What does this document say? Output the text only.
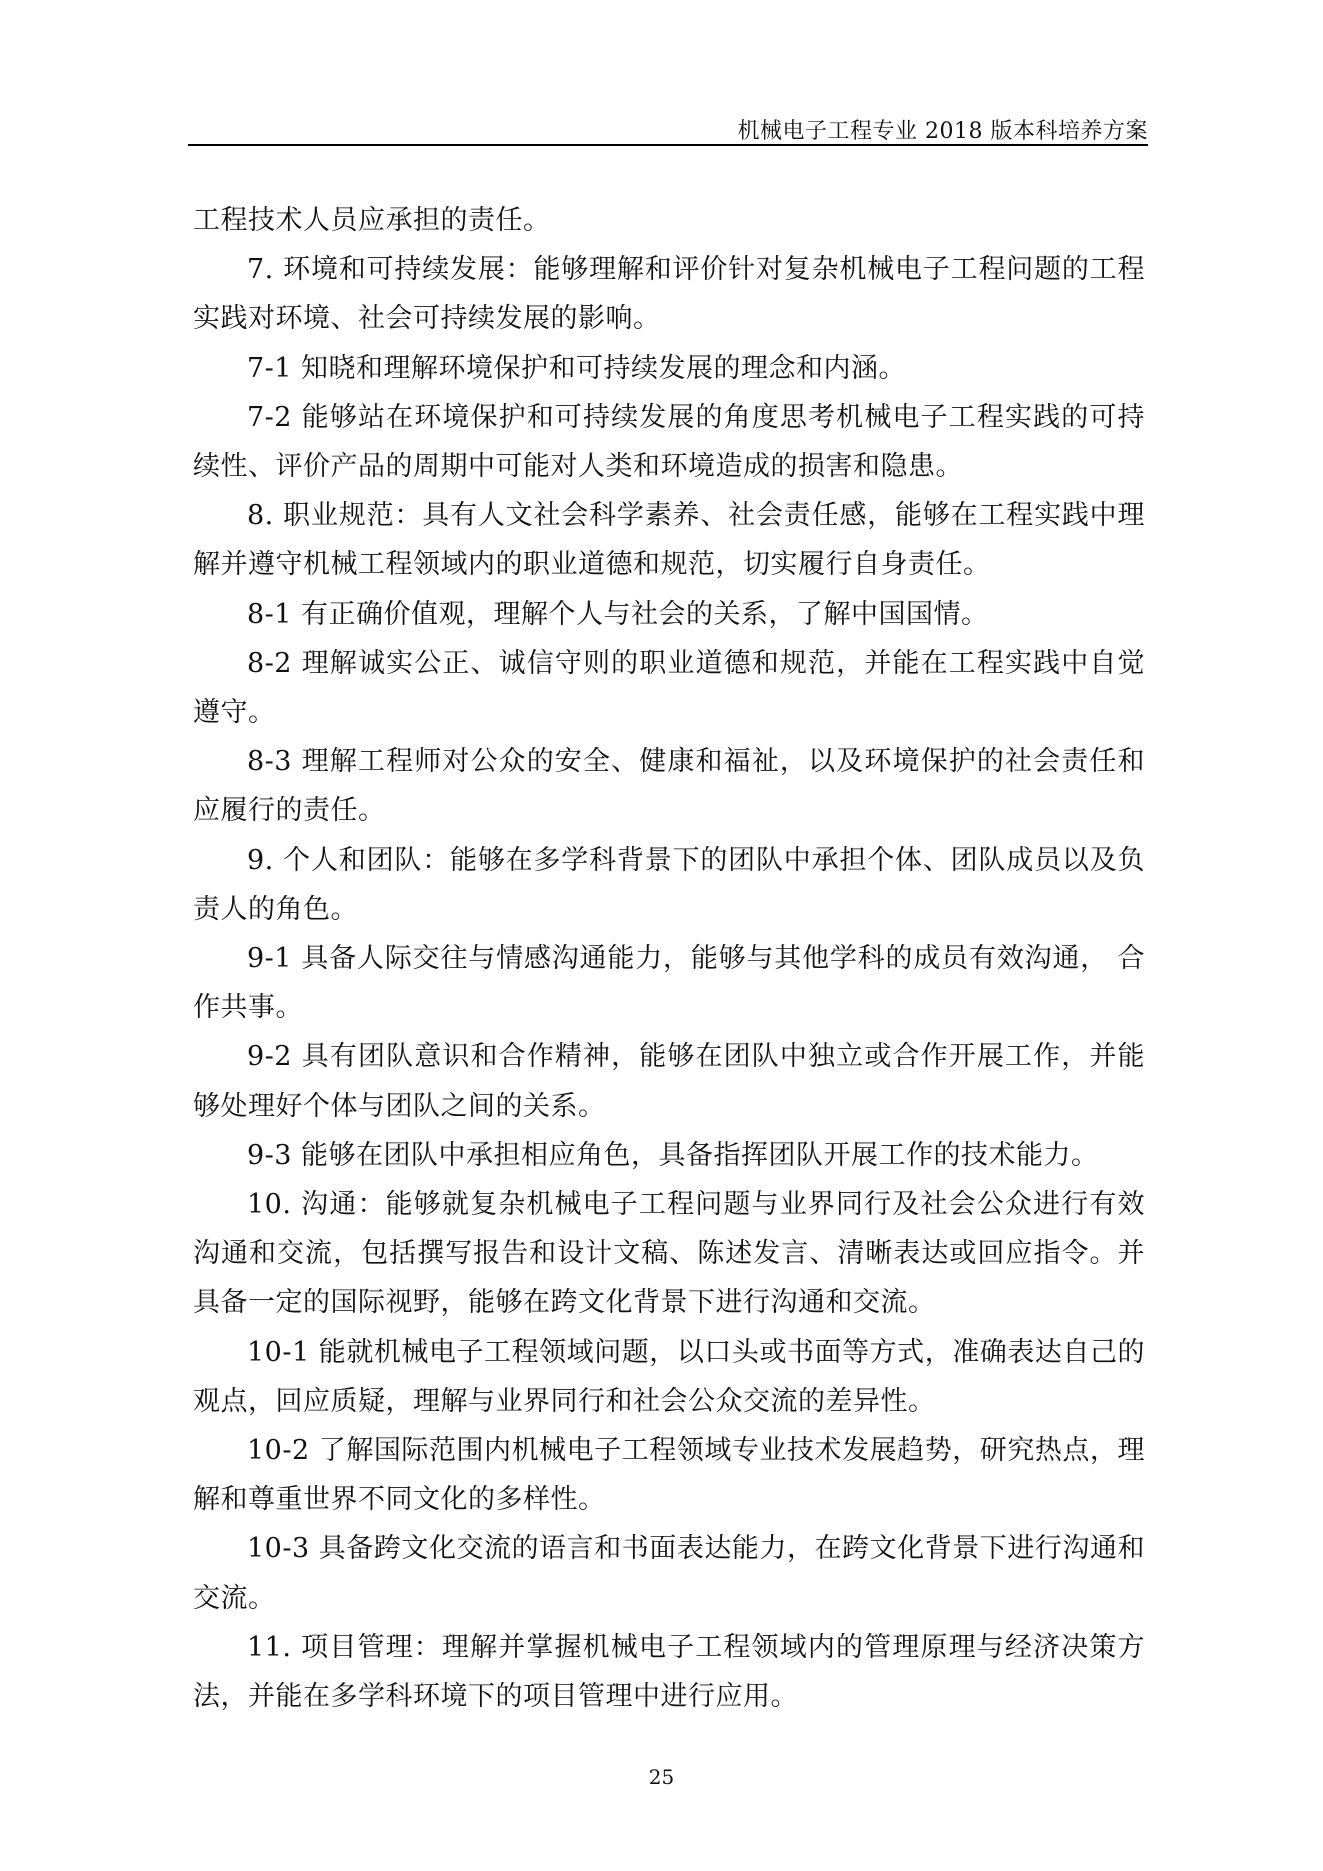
机械电子工程专业 2018 版本科培养方案

工程技术人员应承担的责任。

7. 环境和可持续发展：能够理解和评价针对复杂机械电子工程问题的工程实践对环境、社会可持续发展的影响。

7-1 知晓和理解环境保护和可持续发展的理念和内涵。

7-2 能够站在环境保护和可持续发展的角度思考机械电子工程实践的可持续性、评价产品的周期中可能对人类和环境造成的损害和隐患。

8. 职业规范：具有人文社会科学素养、社会责任感，能够在工程实践中理解并遵守机械工程领域内的职业道德和规范，切实履行自身责任。

8-1 有正确价值观，理解个人与社会的关系，了解中国国情。

8-2 理解诚实公正、诚信守则的职业道德和规范，并能在工程实践中自觉遵守。

8-3 理解工程师对公众的安全、健康和福祉，以及环境保护的社会责任和应履行的责任。

9. 个人和团队：能够在多学科背景下的团队中承担个体、团队成员以及负责人的角色。

9-1 具备人际交往与情感沟通能力，能够与其他学科的成员有效沟通， 合作共事。

9-2 具有团队意识和合作精神，能够在团队中独立或合作开展工作，并能够处理好个体与团队之间的关系。

9-3 能够在团队中承担相应角色，具备指挥团队开展工作的技术能力。

10. 沟通：能够就复杂机械电子工程问题与业界同行及社会公众进行有效沟通和交流，包括撰写报告和设计文稿、陈述发言、清晰表达或回应指令。并具备一定的国际视野，能够在跨文化背景下进行沟通和交流。

10-1 能就机械电子工程领域问题，以口头或书面等方式，准确表达自己的观点，回应质疑，理解与业界同行和社会公众交流的差异性。

10-2 了解国际范围内机械电子工程领域专业技术发展趋势，研究热点，理解和尊重世界不同文化的多样性。

10-3 具备跨文化交流的语言和书面表达能力，在跨文化背景下进行沟通和交流。

11. 项目管理：理解并掌握机械电子工程领域内的管理原理与经济决策方法，并能在多学科环境下的项目管理中进行应用。

25
